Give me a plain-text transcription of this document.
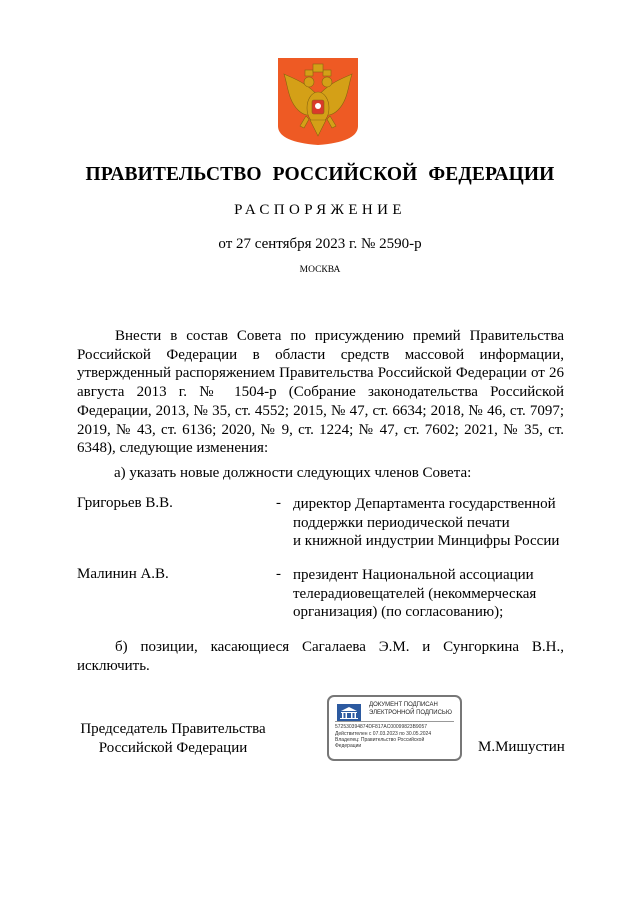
ПРАВИТЕЛЬСТВО РОССИЙСКОЙ ФЕДЕРАЦИИ
РАСПОРЯЖЕНИЕ
от 27 сентября 2023 г. № 2590-р
МОСКВА
Внести в состав Совета по присуждению премий Правительства Российской Федерации в области средств массовой информации, утвержденный распоряжением Правительства Российской Федерации от 26 августа 2013 г. № 1504-р (Собрание законодательства Российской Федерации, 2013, № 35, ст. 4552; 2015, № 47, ст. 6634; 2018, № 46, ст. 7097; 2019, № 43, ст. 6136; 2020, № 9, ст. 1224; № 47, ст. 7602; 2021, № 35, ст. 6348), следующие изменения:
а) указать новые должности следующих членов Совета:
Григорьев В.В.	- директор Департамента государственной
поддержки периодической печати
и книжной индустрии Минцифры России
Малинин А.В.	- президент Национальной ассоциации
телерадиовещателей (некоммерческая
организация) (по согласованию);
б) позиции, касающиеся Сагалаева Э.М. и Сунгоркина В.Н., исключить.
Председатель Правительства
Российской Федерации
ДОКУМЕНТ ПОДПИСАН
ЭЛЕКТРОННОЙ ПОДПИСЬЮ
572530394874DF817AC00099823B9057
Действителен с 07.03.2023 по 30.05.2024
Владелец: Правительство Российской
Федерации	М.Мишустин
